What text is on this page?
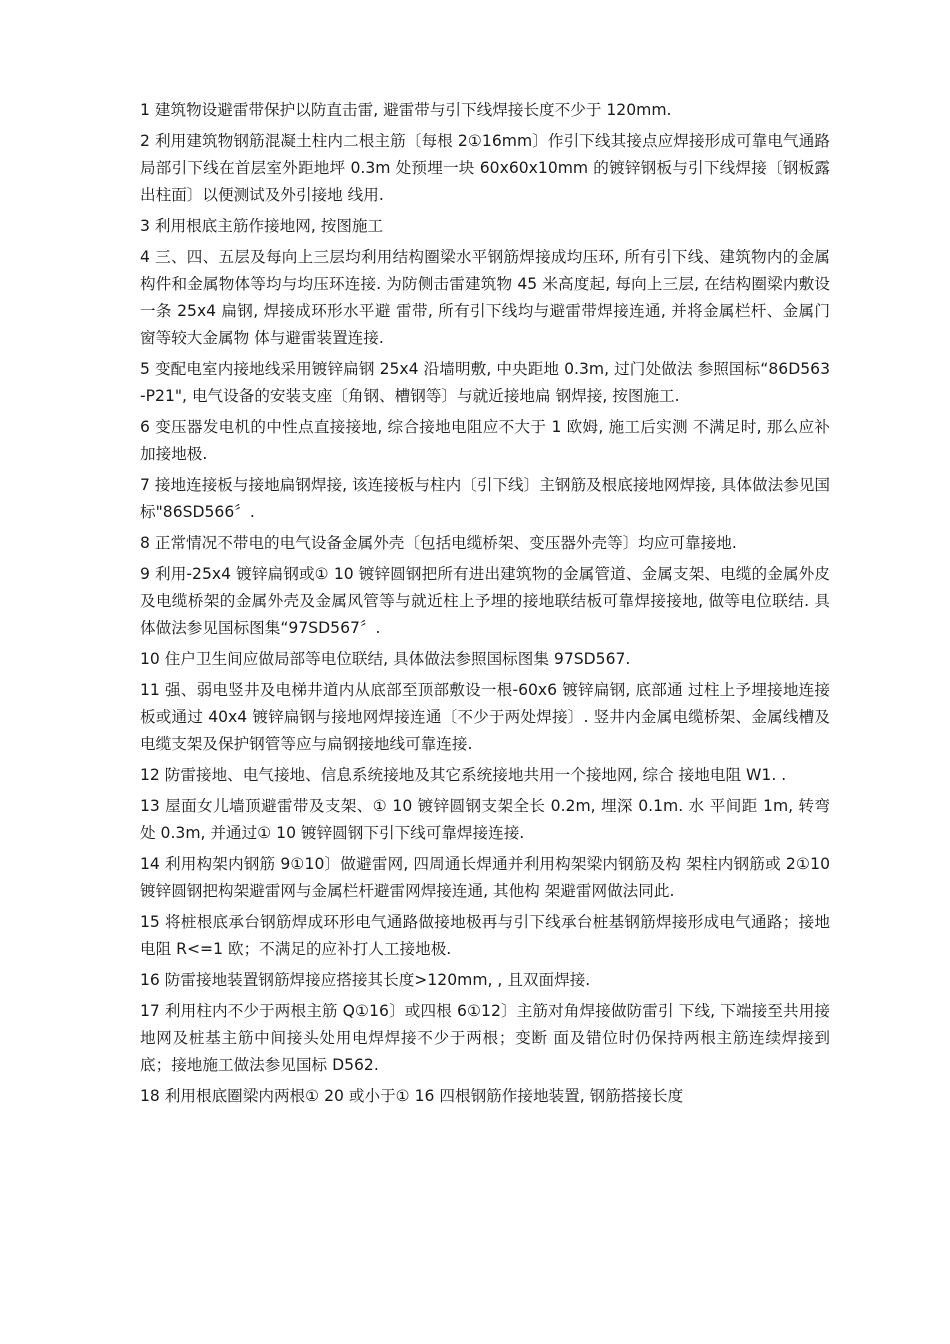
1 建筑物设避雷带保护以防直击雷, 避雷带与引下线焊接长度不少于 120mm.

2 利用建筑物钢筋混凝土柱内二根主筋〔每根 2①16mm〕作引下线其接点应焊接形成可靠电气通路局部引下线在首层室外距地坪 0.3m 处预埋一块 60x60x10mm 的镀锌钢板与引下线焊接〔钢板露出柱面〕以便测试及外引接地 线用.

3 利用根底主筋作接地网, 按图施工

4 三、四、五层及每向上三层均利用结构圈梁水平钢筋焊接成均压环, 所有引下线、建筑物内的金属构件和金属物体等均与均压环连接. 为防侧击雷建筑物 45 米高度起, 每向上三层, 在结构圈梁内敷设一条 25x4 扁钢, 焊接成环形水平避 雷带, 所有引下线均与避雷带焊接连通, 并将金属栏杆、金属门窗等较大金属物 体与避雷装置连接.

5 变配电室内接地线采用镀锌扁钢 25x4 沿墙明敷, 中央距地 0.3m, 过门处做法 参照国标“86D563-P21", 电气设备的安装支座〔角钢、槽钢等〕与就近接地扁 钢焊接, 按图施工.

6 变压器发电机的中性点直接接地, 综合接地电阻应不大于 1 欧姆, 施工后实测 不满足时, 那么应补加接地极.

7 接地连接板与接地扁钢焊接, 该连接板与柱内〔引下线〕主钢筋及根底接地网焊接, 具体做法参见国标"86SD566〞.

8 正常情况不带电的电气设备金属外壳〔包括电缆桥架、变压器外壳等〕均应可靠接地.

9 利用-25x4 镀锌扁钢或① 10 镀锌圆钢把所有进出建筑物的金属管道、金属支架、电缆的金属外皮及电缆桥架的金属外壳及金属风管等与就近柱上予埋的接地联结板可靠焊接接地, 做等电位联结. 具体做法参见国标图集“97SD567〞.

10 住户卫生间应做局部等电位联结, 具体做法参照国标图集 97SD567.

11 强、弱电竖井及电梯井道内从底部至顶部敷设一根-60x6 镀锌扁钢, 底部通 过柱上予埋接地连接板或通过 40x4 镀锌扁钢与接地网焊接连通〔不少于两处焊接〕. 竖井内金属电缆桥架、金属线槽及电缆支架及保护钢管等应与扁钢接地线可靠连接.

12 防雷接地、电气接地、信息系统接地及其它系统接地共用一个接地网, 综合 接地电阻 W1. .

13 屋面女儿墙顶避雷带及支架、① 10 镀锌圆钢支架全长 0.2m, 埋深 0.1m. 水 平间距 1m, 转弯处 0.3m, 并通过① 10 镀锌圆钢下引下线可靠焊接连接.

14 利用构架内钢筋 9①10〕做避雷网, 四周通长焊通并利用构架梁内钢筋及构 架柱内钢筋或 2①10 镀锌圆钢把构架避雷网与金属栏杆避雷网焊接连通, 其他构 架避雷网做法同此.

15 将桩根底承台钢筋焊成环形电气通路做接地极再与引下线承台桩基钢筋焊接形成电气通路；接地电阻 R<=1 欧；不满足的应补打人工接地极.

16 防雷接地装置钢筋焊接应搭接其长度>120mm, , 且双面焊接.

17 利用柱内不少于两根主筋 Q①16〕或四根 6①12〕主筋对角焊接做防雷引 下线, 下端接至共用接地网及桩基主筋中间接头处用电焊焊接不少于两根；变断 面及错位时仍保持两根主筋连续焊接到底；接地施工做法参见国标 D562.

18 利用根底圈梁内两根① 20 或小于① 16 四根钢筋作接地装置, 钢筋搭接长度
